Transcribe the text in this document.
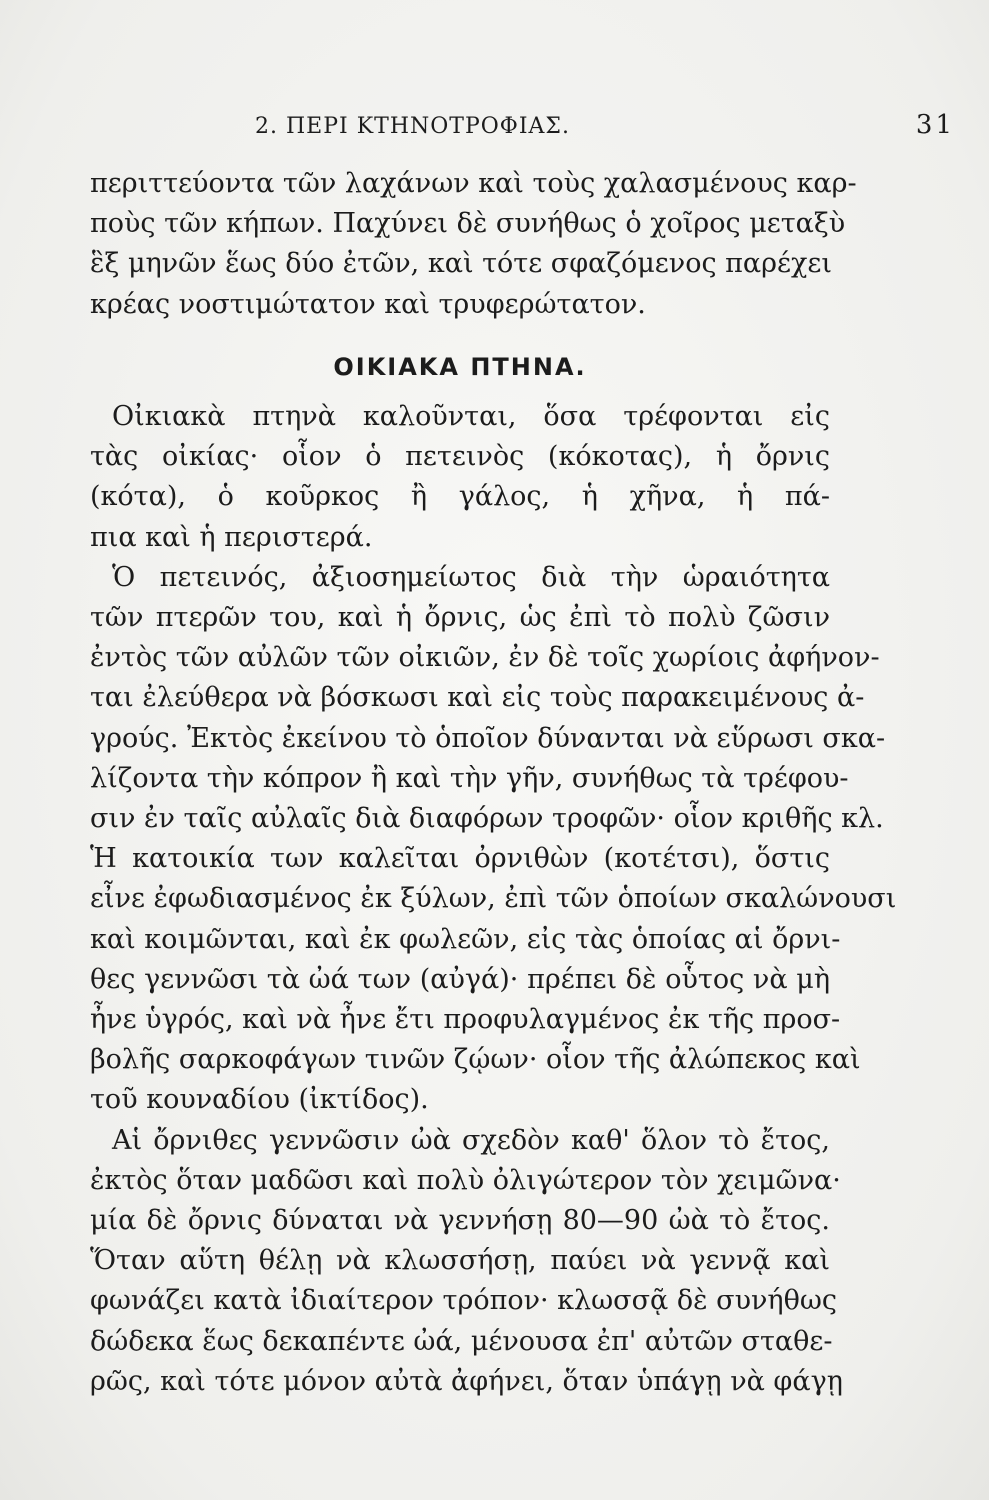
2. ΠΕΡΙ ΚΤΗΝΟΤΡΟΦΙΑΣ.	31
περιττεύοντα τῶν λαχάνων καὶ τοὺς χαλασμένους καρ-
ποὺς τῶν κήπων. Παχύνει δὲ συνήθως ὁ χοῖρος μεταξὺ
ἓξ μηνῶν ἕως δύο ἐτῶν, καὶ τότε σφαζόμενος παρέχει
κρέας νοστιμώτατον καὶ τρυφερώτατον.
ΟΙΚΙΑΚΑ ΠΤΗΝΑ.
Οἰκιακὰ πτηνὰ καλοῦνται, ὅσα τρέφονται εἰς
τὰς οἰκίας· οἷον ὁ πετεινὸς (κόκοτας), ἡ ὄρνις
(κότα), ὁ κοῦρκος ἢ γάλος, ἡ χῆνα, ἡ πά-
πια καὶ ἡ περιστερά.
Ὁ πετεινός, ἀξιοσημείωτος διὰ τὴν ὡραιότητα
τῶν πτερῶν του, καὶ ἡ ὄρνις, ὡς ἐπὶ τὸ πολὺ ζῶσιν
ἐντὸς τῶν αὐλῶν τῶν οἰκιῶν, ἐν δὲ τοῖς χωρίοις ἀφήνον-
ται ἐλεύθερα νὰ βόσκωσι καὶ εἰς τοὺς παρακειμένους ἀ-
γρούς. Ἐκτὸς ἐκείνου τὸ ὁποῖον δύνανται νὰ εὕρωσι σκα-
λίζοντα τὴν κόπρον ἢ καὶ τὴν γῆν, συνήθως τὰ τρέφου-
σιν ἐν ταῖς αὐλαῖς διὰ διαφόρων τροφῶν· οἷον κριθῆς κλ.
Ἡ κατοικία των καλεῖται ὀρνιθὼν (κοτέτσι), ὅστις
εἶνε ἐφωδιασμένος ἐκ ξύλων, ἐπὶ τῶν ὁποίων σκαλώνουσι
καὶ κοιμῶνται, καὶ ἐκ φωλεῶν, εἰς τὰς ὁποίας αἱ ὄρνι-
θες γεννῶσι τὰ ὠά των (αὐγά)· πρέπει δὲ οὗτος νὰ μὴ
ἦνε ὑγρός, καὶ νὰ ἦνε ἔτι προφυλαγμένος ἐκ τῆς προσ-
βολῆς σαρκοφάγων τινῶν ζῴων· οἷον τῆς ἀλώπεκος καὶ
τοῦ κουναδίου (ἰκτίδος).
Αἱ ὄρνιθες γεννῶσιν ὠὰ σχεδὸν καθ' ὅλον τὸ ἔτος,
ἐκτὸς ὅταν μαδῶσι καὶ πολὺ ὀλιγώτερον τὸν χειμῶνα·
μία δὲ ὄρνις δύναται νὰ γεννήσῃ 80—90 ὠὰ τὸ ἔτος.
Ὅταν αὕτη θέλῃ νὰ κλωσσήσῃ, παύει νὰ γεννᾷ καὶ
φωνάζει κατὰ ἰδιαίτερον τρόπον· κλωσσᾷ δὲ συνήθως
δώδεκα ἕως δεκαπέντε ὠά, μένουσα ἐπ' αὐτῶν σταθε-
ρῶς, καὶ τότε μόνον αὐτὰ ἀφήνει, ὅταν ὑπάγῃ νὰ φάγῃ
